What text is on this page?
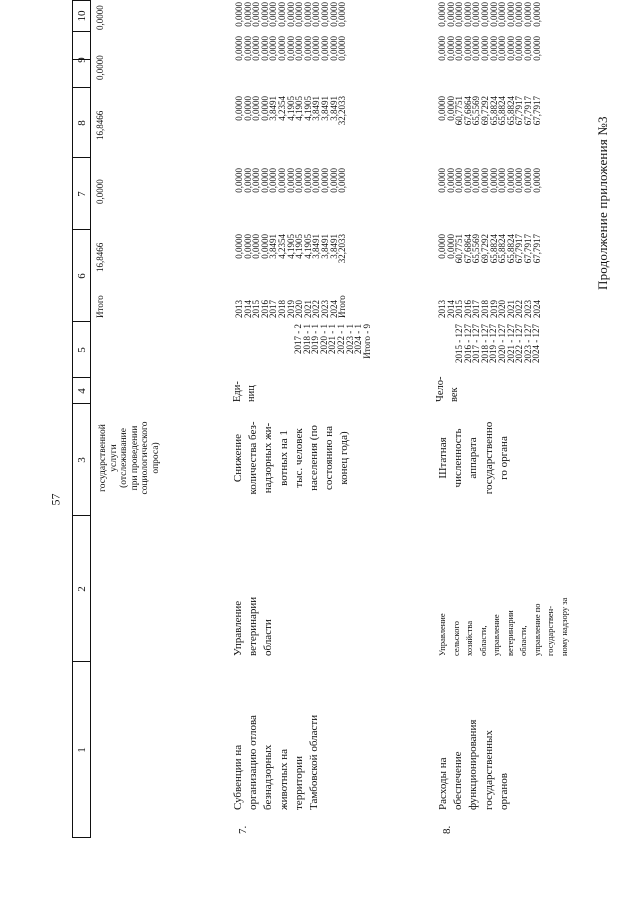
57
Продолжение приложения №3
1
2
3
4
5
6
7
8
9
10
государственной услуги (отслеживание при проведении социологического опроса)
Итого
16,8466
0,0000
16,8466
0,0000
0,0000
7.
Субвенции на организацию отлова безнадзорных животных на территории Тамбовской области
Управление ветеринарии области
Снижение количества без- надзорных жи- вотных на 1 тыс. человек населения (по состоянию на конец года)
Еди- ниц
2017 - 2
2018 - 1
2019 - 1
2020 - 1
2021 - 1
2022 - 1
2023 - 1
2024 - 1
Итого - 9
2013
2014
2015
2016
2017
2018
2019
2020
2021
2022
2023
2024
Итого
0,0000
0,0000
0,0000
0,0000
3,8491
4,2354
4,1905
4,1905
4,1905
3,8491
3,8491
3,8491
32,2033
0,0000
0,0000
0,0000
0,0000
0,0000
0,0000
0,0000
0,0000
0,0000
0,0000
0,0000
0,0000
0,0000
0,0000
0,0000
0,0000
0,0000
3,8491
4,2354
4,1905
4,1905
4,1905
3,8491
3,8491
3,8491
32,2033
0,0000
0,0000
0,0000
0,0000
0,0000
0,0000
0,0000
0,0000
0,0000
0,0000
0,0000
0,0000
0,0000
0,0000
0,0000
0,0000
0,0000
0,0000
0,0000
0,0000
0,0000
0,0000
0,0000
0,0000
0,0000
0,0000
8.
Расходы на обеспечение функционирования государственных органов
Управление сельского хозяйства области, управление ветеринарии области, управление по государствен- ному надзору за
Штатная численность аппарата государственно го органа
Чело- век
2015 - 127
2016 - 127
2017 - 127
2018 - 127
2019 - 127
2020 - 127
2021 - 127
2022 - 127
2023 - 127
2024 - 127
2013
2014
2015
2016
2017
2018
2019
2020
2021
2022
2023
2024
0,0000
0,0000
60,7751
67,6864
65,5569
69,7292
65,8824
65,8824
65,8824
67,7917
67,7917
67,7917
0,0000
0,0000
0,0000
0,0000
0,0000
0,0000
0,0000
0,0000
0,0000
0,0000
0,0000
0,0000
0,0000
0,0000
60,7751
67,6864
65,5569
69,7292
65,8824
65,8824
65,8824
67,7917
67,7917
67,7917
0,0000
0,0000
0,0000
0,0000
0,0000
0,0000
0,0000
0,0000
0,0000
0,0000
0,0000
0,0000
0,0000
0,0000
0,0000
0,0000
0,0000
0,0000
0,0000
0,0000
0,0000
0,0000
0,0000
0,0000
